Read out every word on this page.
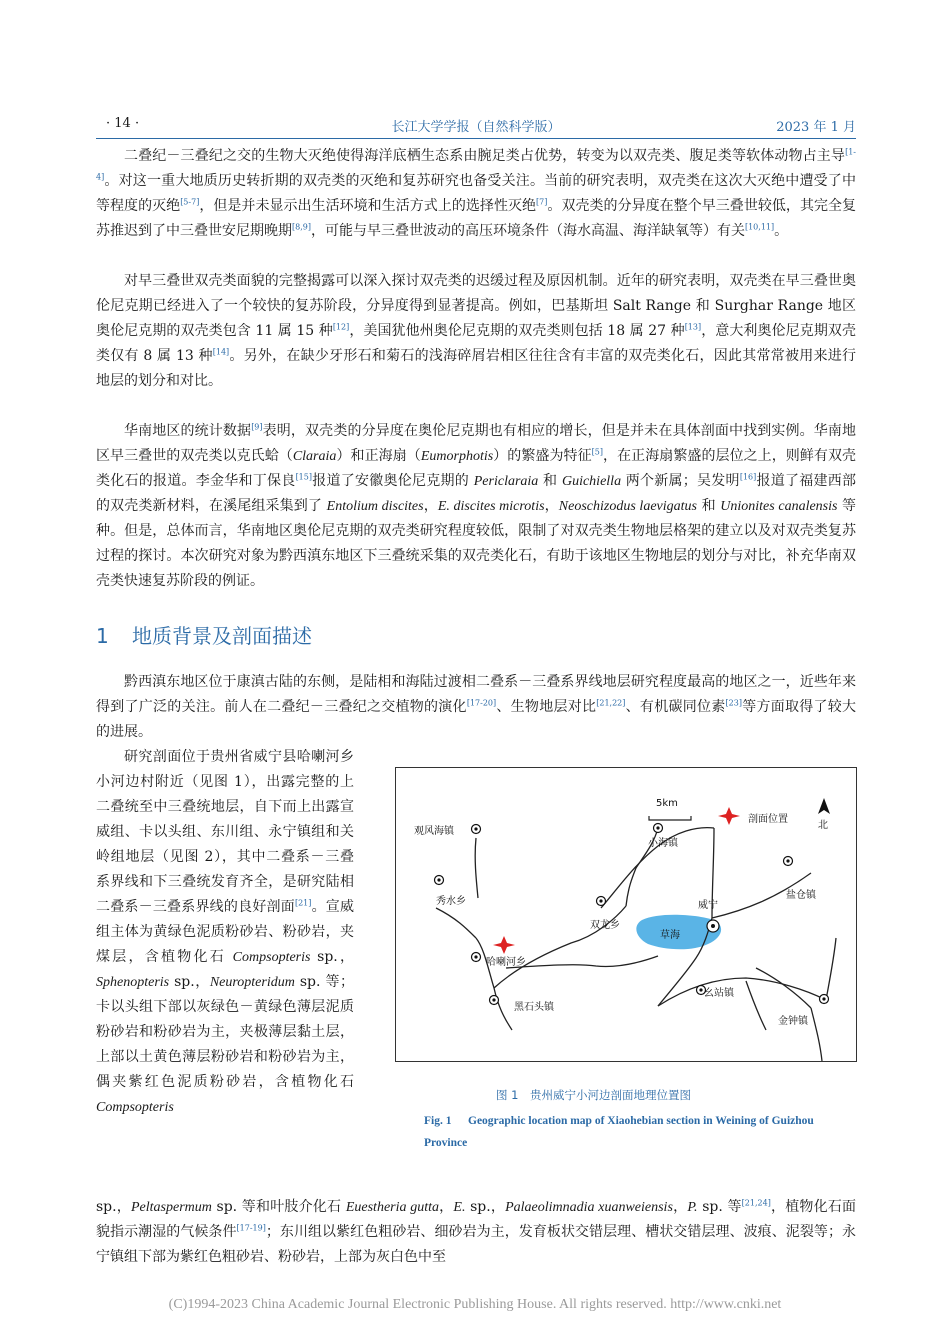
· 14 ·	长江大学学报（自然科学版）	2023 年 1 月

二叠纪－三叠纪之交的生物大灭绝使得海洋底栖生态系由腕足类占优势，转变为以双壳类、腹足类等软体动物占主导[1-4]。对这一重大地质历史转折期的双壳类的灭绝和复苏研究也备受关注。当前的研究表明，双壳类在这次大灭绝中遭受了中等程度的灭绝[5-7]，但是并未显示出生活环境和生活方式上的选择性灭绝[7]。双壳类的分异度在整个早三叠世较低，其完全复苏推迟到了中三叠世安尼期晚期[8,9]，可能与早三叠世波动的高压环境条件（海水高温、海洋缺氧等）有关[10,11]。

对早三叠世双壳类面貌的完整揭露可以深入探讨双壳类的迟缓过程及原因机制。近年的研究表明，双壳类在早三叠世奥伦尼克期已经进入了一个较快的复苏阶段，分异度得到显著提高。例如，巴基斯坦 Salt Range 和 Surghar Range 地区奥伦尼克期的双壳类包含 11 属 15 种[12]，美国犹他州奥伦尼克期的双壳类则包括 18 属 27 种[13]，意大利奥伦尼克期双壳类仅有 8 属 13 种[14]。另外，在缺少牙形石和菊石的浅海碎屑岩相区往往含有丰富的双壳类化石，因此其常常被用来进行地层的划分和对比。

华南地区的统计数据[9]表明，双壳类的分异度在奥伦尼克期也有相应的增长，但是并未在具体剖面中找到实例。华南地区早三叠世的双壳类以克氏蛤（Claraia）和正海扇（Eumorphotis）的繁盛为特征[5]，在正海扇繁盛的层位之上，则鲜有双壳类化石的报道。李金华和丁保良[15]报道了安徽奥伦尼克期的 Periclaraia 和 Guichiella 两个新属；吴发明[16]报道了福建西部的双壳类新材料，在溪尾组采集到了 Entolium discites，E. discites microtis，Neoschizodus laevigatus 和 Unionites canalensis 等种。但是，总体而言，华南地区奥伦尼克期的双壳类研究程度较低，限制了对双壳类生物地层格架的建立以及对双壳类复苏过程的探讨。本次研究对象为黔西滇东地区下三叠统采集的双壳类化石，有助于该地区生物地层的划分与对比，补充华南双壳类快速复苏阶段的例证。

1 地质背景及剖面描述

黔西滇东地区位于康滇古陆的东侧，是陆相和海陆过渡相二叠系－三叠系界线地层研究程度最高的地区之一，近些年来得到了广泛的关注。前人在二叠纪－三叠纪之交植物的演化[17-20]、生物地层对比[21,22]、有机碳同位素[23]等方面取得了较大的进展。

研究剖面位于贵州省威宁县哈喇河乡小河边村附近（见图 1），出露完整的上二叠统至中三叠统地层，自下而上出露宣威组、卡以头组、东川组、永宁镇组和关岭组地层（见图 2），其中二叠系－三叠系界线和下三叠统发育齐全，是研究陆相二叠系－三叠系界线的良好剖面[21]。宣威组主体为黄绿色泥质粉砂岩、粉砂岩，夹煤层，含植物化石 Compsopteris sp.，Sphenopteris sp.，Neuropteridum sp. 等；卡以头组下部以灰绿色－黄绿色薄层泥质粉砂岩和粉砂岩为主，夹极薄层黏土层，上部以土黄色薄层粉砂岩和粉砂岩为主，偶夹紫红色泥质粉砂岩，含植物化石 Compsopteris

5km
剖面位置
北
观风海镇
小海镇
秀水乡	威宁
盐仓镇
双龙乡
草海
哈喇河乡
幺站镇
黑石头镇
金钟镇
图 1　贵州威宁小河边剖面地理位置图
Fig. 1 Geographic location map of Xiaohebian section in Weining of Guizhou Province

sp.，Peltaspermum sp. 等和叶肢介化石 Euestheria gutta，E. sp.，Palaeolimnadia xuanweiensis，P. sp. 等[21,24]，植物化石面貌指示潮湿的气候条件[17-19]；东川组以紫红色粗砂岩、细砂岩为主，发育板状交错层理、槽状交错层理、波痕、泥裂等；永宁镇组下部为紫红色粗砂岩、粉砂岩，上部为灰白色中至

(C)1994-2023 China Academic Journal Electronic Publishing House. All rights reserved. http://www.cnki.net
